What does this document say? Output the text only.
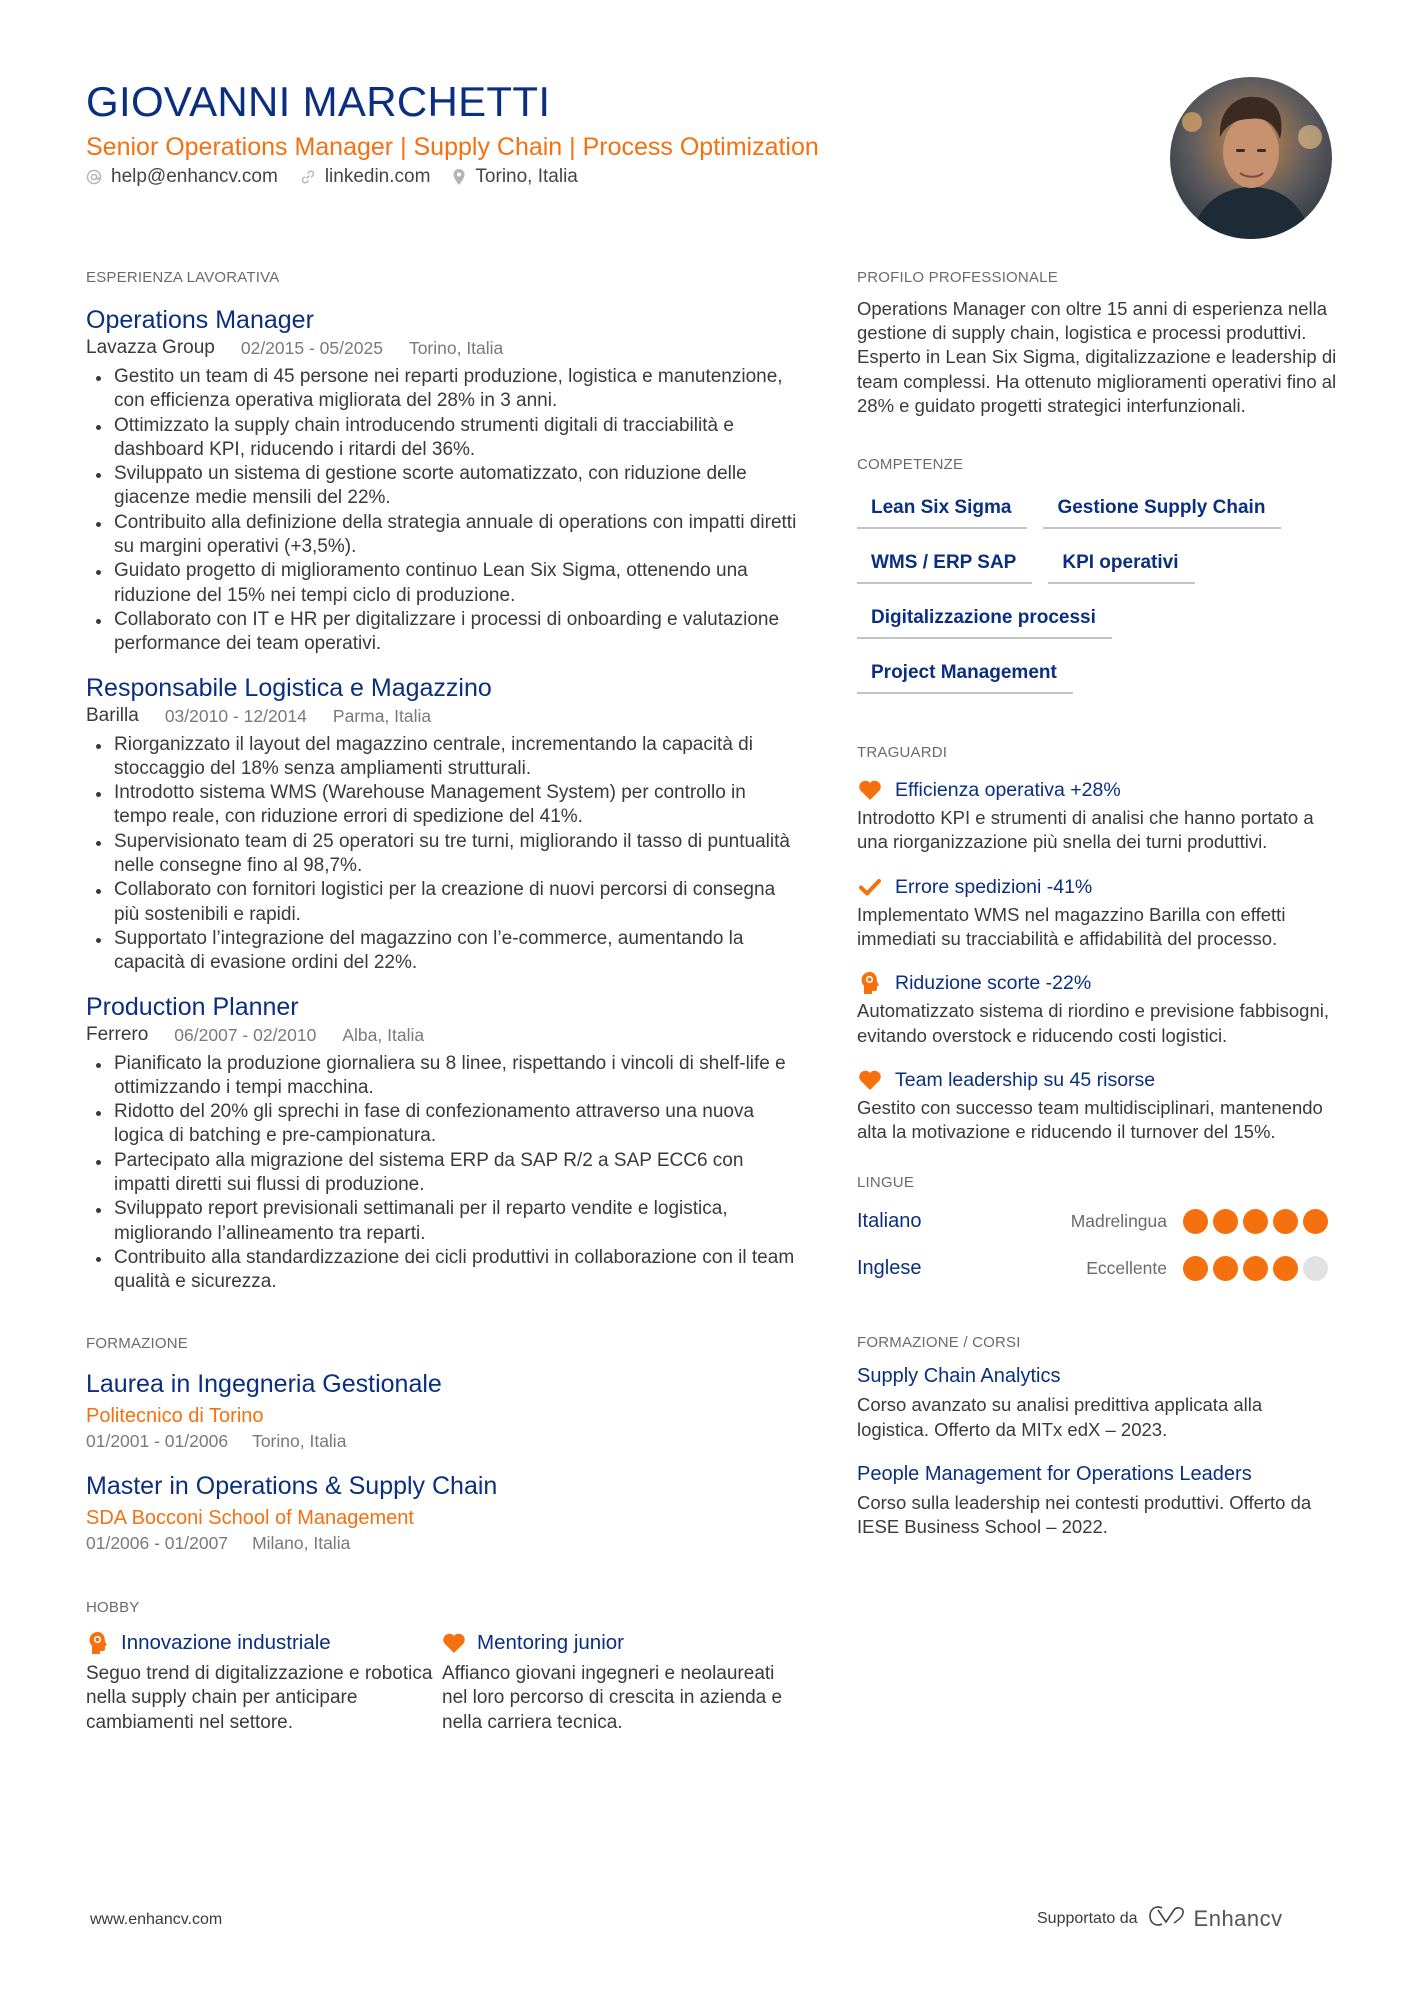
GIOVANNI MARCHETTI
Senior Operations Manager | Supply Chain | Process Optimization
help@enhancv.com linkedin.com Torino, Italia
ESPERIENZA LAVORATIVA
Operations Manager
Lavazza Group 02/2015 - 05/2025 Torino, Italia
Gestito un team di 45 persone nei reparti produzione, logistica e manutenzione, con efficienza operativa migliorata del 28% in 3 anni.
Ottimizzato la supply chain introducendo strumenti digitali di tracciabilità e dashboard KPI, riducendo i ritardi del 36%.
Sviluppato un sistema di gestione scorte automatizzato, con riduzione delle giacenze medie mensili del 22%.
Contribuito alla definizione della strategia annuale di operations con impatti diretti su margini operativi (+3,5%).
Guidato progetto di miglioramento continuo Lean Six Sigma, ottenendo una riduzione del 15% nei tempi ciclo di produzione.
Collaborato con IT e HR per digitalizzare i processi di onboarding e valutazione performance dei team operativi.
Responsabile Logistica e Magazzino
Barilla 03/2010 - 12/2014 Parma, Italia
Riorganizzato il layout del magazzino centrale, incrementando la capacità di stoccaggio del 18% senza ampliamenti strutturali.
Introdotto sistema WMS (Warehouse Management System) per controllo in tempo reale, con riduzione errori di spedizione del 41%.
Supervisionato team di 25 operatori su tre turni, migliorando il tasso di puntualità nelle consegne fino al 98,7%.
Collaborato con fornitori logistici per la creazione di nuovi percorsi di consegna più sostenibili e rapidi.
Supportato l’integrazione del magazzino con l’e-commerce, aumentando la capacità di evasione ordini del 22%.
Production Planner
Ferrero 06/2007 - 02/2010 Alba, Italia
Pianificato la produzione giornaliera su 8 linee, rispettando i vincoli di shelf-life e ottimizzando i tempi macchina.
Ridotto del 20% gli sprechi in fase di confezionamento attraverso una nuova logica di batching e pre-campionatura.
Partecipato alla migrazione del sistema ERP da SAP R/2 a SAP ECC6 con impatti diretti sui flussi di produzione.
Sviluppato report previsionali settimanali per il reparto vendite e logistica, migliorando l’allineamento tra reparti.
Contribuito alla standardizzazione dei cicli produttivi in collaborazione con il team qualità e sicurezza.
FORMAZIONE
Laurea in Ingegneria Gestionale
Politecnico di Torino
01/2001 - 01/2006 Torino, Italia
Master in Operations & Supply Chain
SDA Bocconi School of Management
01/2006 - 01/2007 Milano, Italia
HOBBY
Innovazione industriale
Seguo trend di digitalizzazione e robotica nella supply chain per anticipare cambiamenti nel settore.
Mentoring junior
Affianco giovani ingegneri e neolaureati nel loro percorso di crescita in azienda e nella carriera tecnica.
PROFILO PROFESSIONALE
Operations Manager con oltre 15 anni di esperienza nella gestione di supply chain, logistica e processi produttivi. Esperto in Lean Six Sigma, digitalizzazione e leadership di team complessi. Ha ottenuto miglioramenti operativi fino al 28% e guidato progetti strategici interfunzionali.
COMPETENZE
Lean Six Sigma	Gestione Supply Chain
WMS / ERP SAP	KPI operativi
Digitalizzazione processi
Project Management
TRAGUARDI
Efficienza operativa +28%
Introdotto KPI e strumenti di analisi che hanno portato a una riorganizzazione più snella dei turni produttivi.
Errore spedizioni -41%
Implementato WMS nel magazzino Barilla con effetti immediati su tracciabilità e affidabilità del processo.
Riduzione scorte -22%
Automatizzato sistema di riordino e previsione fabbisogni, evitando overstock e riducendo costi logistici.
Team leadership su 45 risorse
Gestito con successo team multidisciplinari, mantenendo alta la motivazione e riducendo il turnover del 15%.
LINGUE
Italiano	Madrelingua
Inglese	Eccellente
FORMAZIONE / CORSI
Supply Chain Analytics
Corso avanzato su analisi predittiva applicata alla logistica. Offerto da MITx edX – 2023.
People Management for Operations Leaders
Corso sulla leadership nei contesti produttivi. Offerto da IESE Business School – 2022.
www.enhancv.com	Supportato da	Enhancv
